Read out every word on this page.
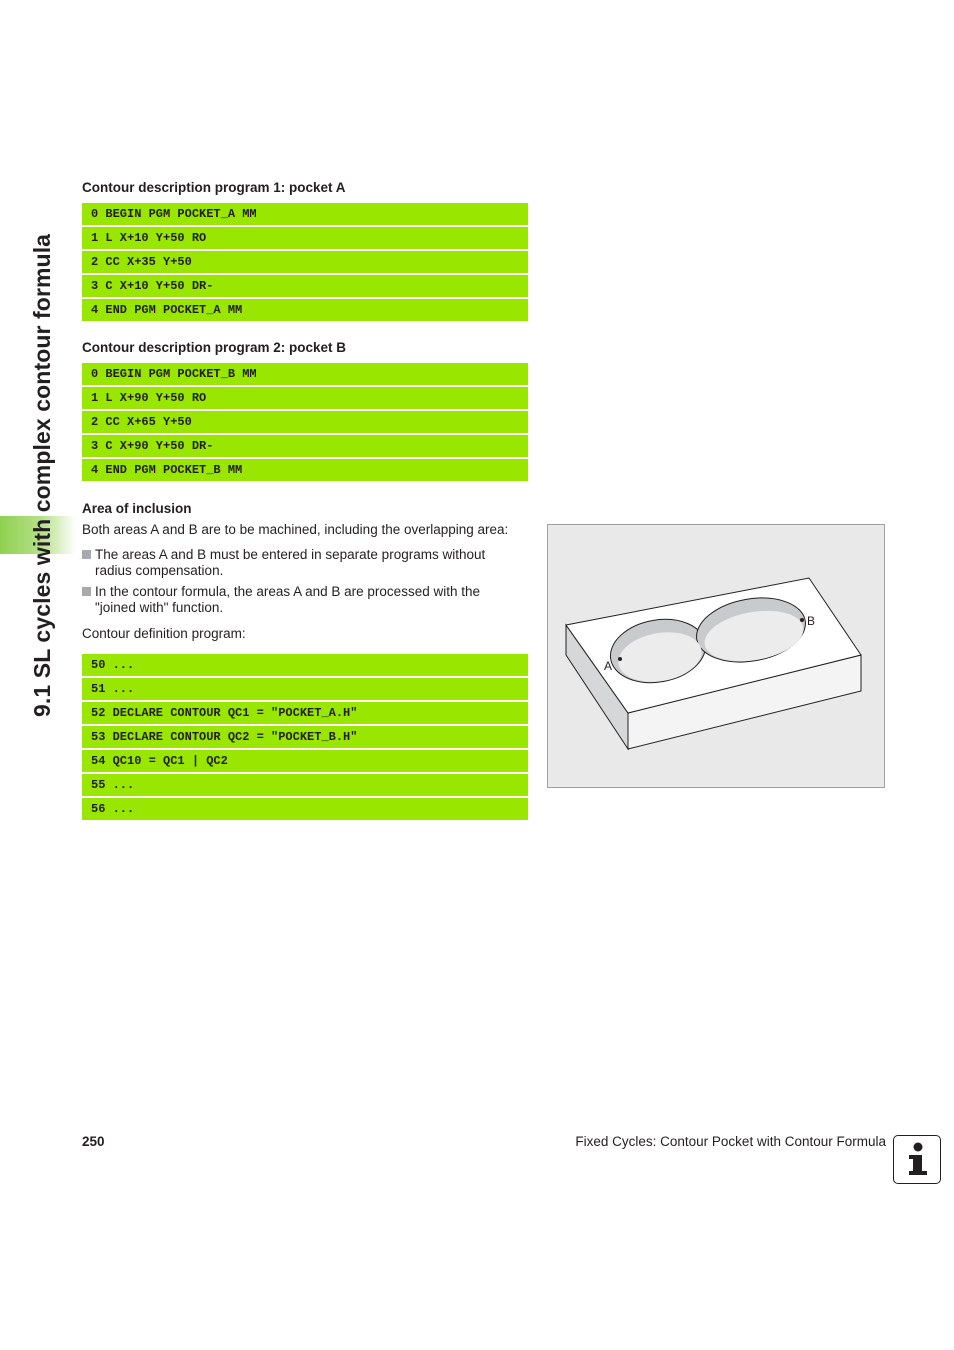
9.1 SL cycles with complex contour formula
Contour description program 1: pocket A
0 BEGIN PGM POCKET_A MM
1 L X+10 Y+50 RO
2 CC X+35 Y+50
3 C X+10 Y+50 DR-
4 END PGM POCKET_A MM
Contour description program 2: pocket B
0 BEGIN PGM POCKET_B MM
1 L X+90 Y+50 RO
2 CC X+65 Y+50
3 C X+90 Y+50 DR-
4 END PGM POCKET_B MM
Area of inclusion
Both areas A and B are to be machined, including the overlapping area:
The areas A and B must be entered in separate programs without radius compensation.
In the contour formula, the areas A and B are processed with the "joined with" function.
Contour definition program:
50 ...
51 ...
52 DECLARE CONTOUR QC1 = "POCKET_A.H"
53 DECLARE CONTOUR QC2 = "POCKET_B.H"
54 QC10 = QC1 | QC2
55 ...
56 ...
A
B
250	Fixed Cycles: Contour Pocket with Contour Formula
